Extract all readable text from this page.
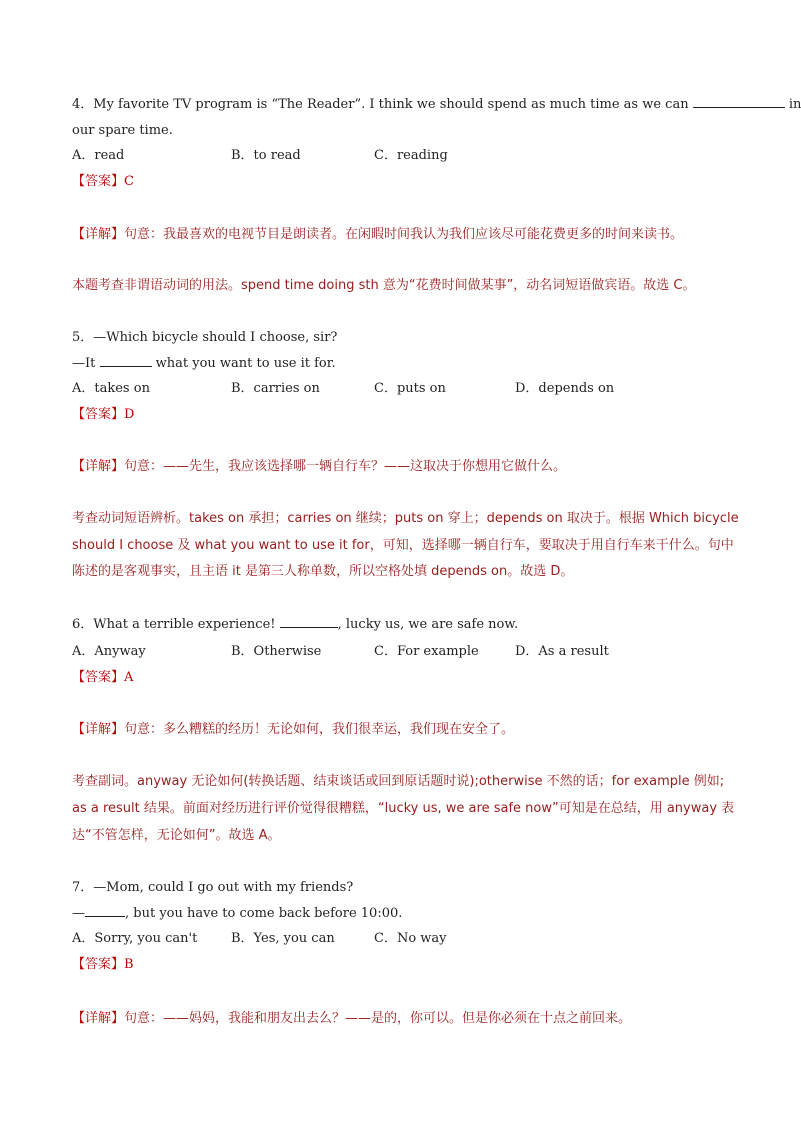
4．My favorite TV program is “The Reader”. I think we should spend as much time as we can	in
our spare time.
A．read	B．to read	C．reading
【答案】C
【详解】句意：我最喜欢的电视节目是朗读者。在闲暇时间我认为我们应该尽可能花费更多的时间来读书。
本题考查非谓语动词的用法。spend time doing sth 意为“花费时间做某事”，动名词短语做宾语。故选 C。
5．—Which bicycle should I choose, sir?
—It	what you want to use it for.
A．takes on	B．carries on	C．puts on	D．depends on
【答案】D
【详解】句意：——先生，我应该选择哪一辆自行车？——这取决于你想用它做什么。
考查动词短语辨析。takes on 承担；carries on 继续；puts on 穿上；depends on 取决于。根据 Which bicycle
should I choose 及 what you want to use it for，可知，选择哪一辆自行车，要取决于用自行车来干什么。句中
陈述的是客观事实，且主语 it 是第三人称单数，所以空格处填 depends on。故选 D。
6．What a terrible experience!	, lucky us, we are safe now.
A．Anyway	B．Otherwise	C．For example	D．As a result
【答案】A
【详解】句意：多么糟糕的经历！无论如何，我们很幸运，我们现在安全了。
考查副词。anyway 无论如何(转换话题、结束谈话或回到原话题时说);otherwise 不然的话；for example 例如;
as a result 结果。前面对经历进行评价觉得很糟糕，“lucky us, we are safe now”可知是在总结，用 anyway 表
达“不管怎样，无论如何”。故选 A。
7．—Mom, could I go out with my friends?
—	, but you have to come back before 10:00.
A．Sorry, you can't	B．Yes, you can	C．No way
【答案】B
【详解】句意：——妈妈，我能和朋友出去么？——是的，你可以。但是你必须在十点之前回来。
